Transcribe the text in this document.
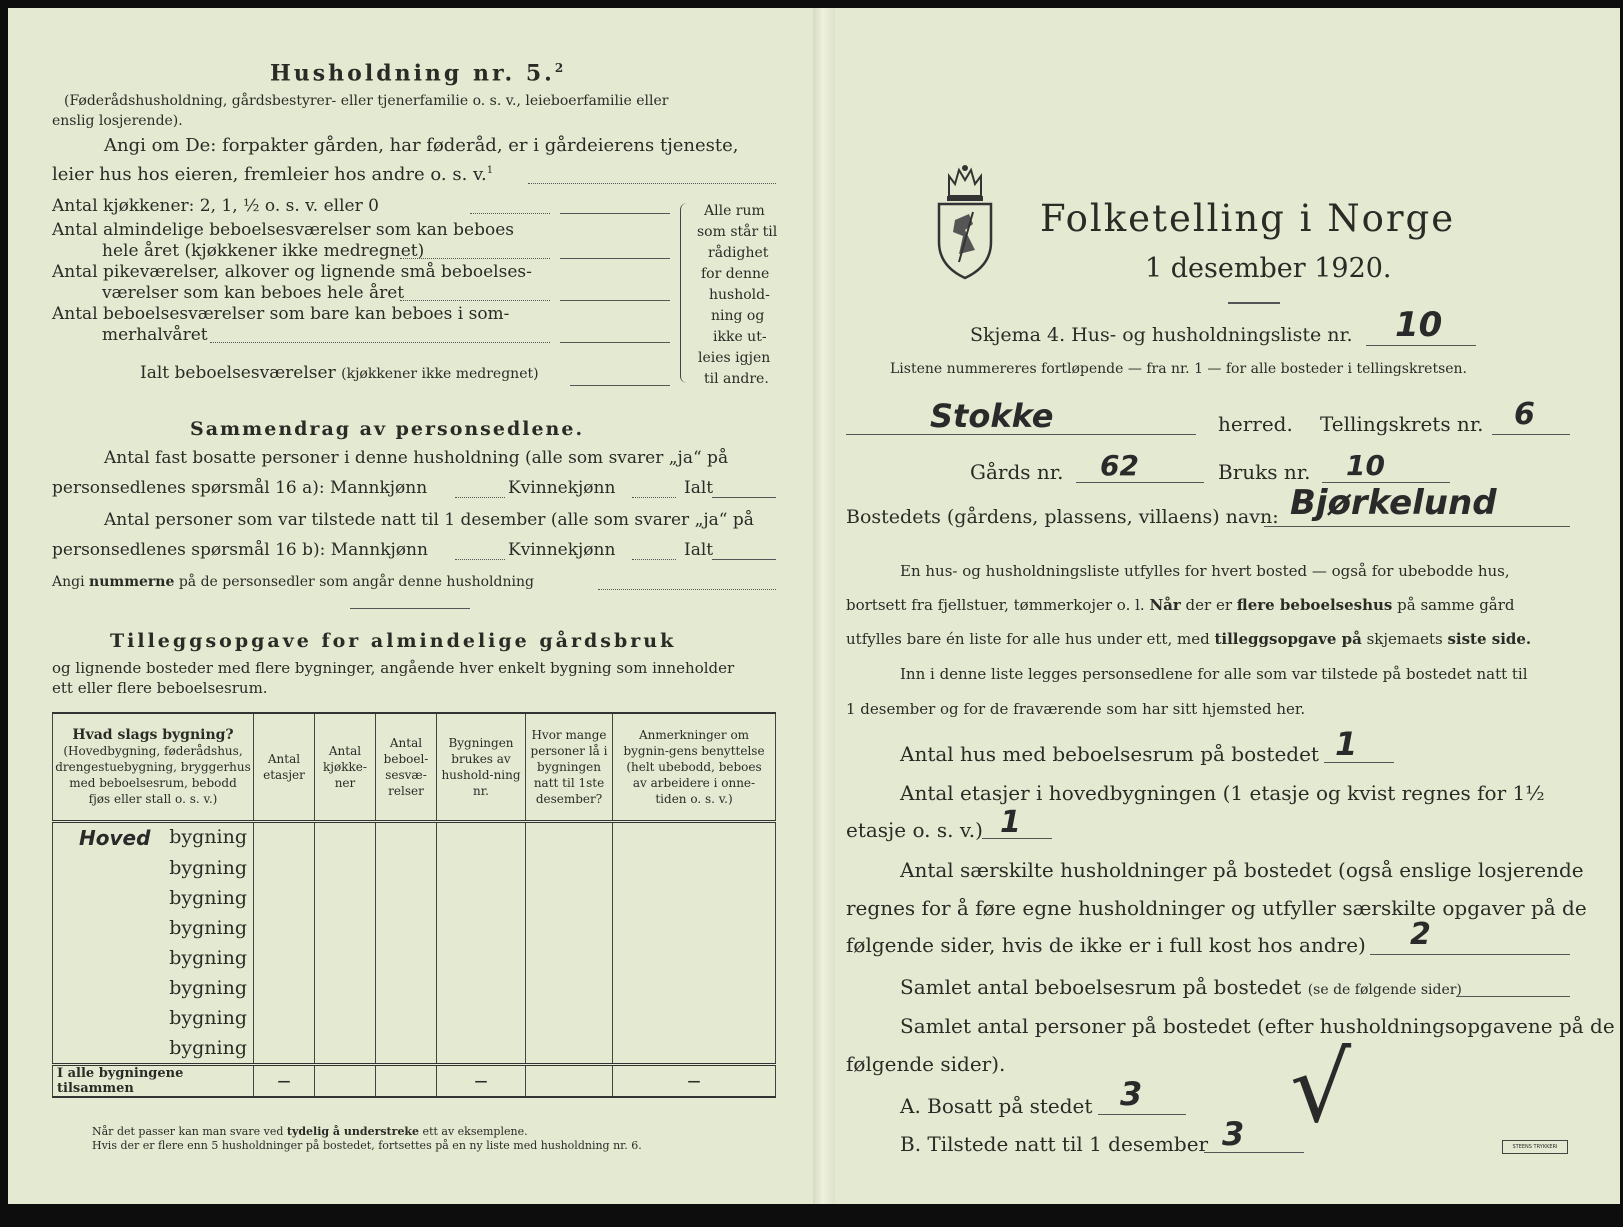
Husholdning nr. 5.$^2$
(Føderådshusholdning, gårdsbestyrer- eller tjenerfamilie o. s. v., leieboerfamilie eller
enslig losjerende).
Angi om De: forpakter gården, har føderåd, er i gårdeierens tjeneste,
leier hus hos eieren, fremleier hos andre o. s. v.$^1$
Antal kjøkkener: 2, 1, ½ o. s. v. eller 0
Antal almindelige beboelsesværelser som kan beboes
hele året (kjøkkener ikke medregnet)
Antal pikeværelser, alkover og lignende små beboelses-
værelser som kan beboes hele året
Antal beboelsesværelser som bare kan beboes i som-
merhalvåret
Ialt beboelsesværelser (kjøkkener ikke medregnet)
Alle rum
som står til
rådighet
for denne
hushold-
ning og
ikke ut-
leies igjen
til andre.
Sammendrag av personsedlene.
Antal fast bosatte personer i denne husholdning (alle som svarer „ja“ på
personsedlenes spørsmål 16 a): Mannkjønn	Kvinnekjønn	Ialt
Antal personer som var tilstede natt til 1 desember (alle som svarer „ja“ på
personsedlenes spørsmål 16 b): Mannkjønn	Kvinnekjønn	Ialt
Angi nummerne på de personsedler som angår denne husholdning
Tilleggsopgave for almindelige gårdsbruk
og lignende bosteder med flere bygninger, angående hver enkelt bygning som inneholder
ett eller flere beboelsesrum.
Hvad slags bygning?
(Hovedbygning, føderådshus,
drengestuebygning, bryggerhus
med beboelsesrum, bebodd
fjøs eller stall o. s. v.)	Antal etasjer	Antal kjøkke-ner	Antal beboel-sesvæ-relser	Bygningen brukes av hushold-ning nr.	Hvor mange personer lå i bygningen natt til 1ste desember?	Anmerkninger om bygnin-gens benyttelse (helt ubebodd, beboes av arbeidere i onne-tiden o. s. v.)

Hoved bygning						
bygning						
bygning						
bygning						
bygning						
bygning						
bygning						
bygning						
I alle bygningene tilsammen	—			—		—
Når det passer kan man svare ved tydelig å understreke ett av eksemplene.
Hvis der er flere enn 5 husholdninger på bostedet, fortsettes på en ny liste med husholdning nr. 6.
Folketelling i Norge
1 desember 1920.
Skjema 4. Hus- og husholdningsliste nr. 10
Listene nummereres fortløpende — fra nr. 1 — for alle bosteder i tellingskretsen.
Stokke	herred. Tellingskrets nr. 6
Gårds nr. 62	Bruks nr. 10
Bostedets (gårdens, plassens, villaens) navn: Bjørkelund
En hus- og husholdningsliste utfylles for hvert bosted — også for ubebodde hus,
bortsett fra fjellstuer, tømmerkojer o. l. Når der er flere beboelseshus på samme gård
utfylles bare én liste for alle hus under ett, med tilleggsopgave på skjemaets siste side.
Inn i denne liste legges personsedlene for alle som var tilstede på bostedet natt til
1 desember og for de fraværende som har sitt hjemsted her.
Antal hus med beboelsesrum på bostedet 1
Antal etasjer i hovedbygningen (1 etasje og kvist regnes for 1½
etasje o. s. v.) 1
Antal særskilte husholdninger på bostedet (også enslige losjerende
regnes for å føre egne husholdninger og utfyller særskilte opgaver på de
følgende sider, hvis de ikke er i full kost hos andre) 2
Samlet antal beboelsesrum på bostedet (se de følgende sider)
Samlet antal personer på bostedet (efter husholdningsopgavene på de
følgende sider).
A. Bosatt på stedet 3
B. Tilstede natt til 1 desember 3 √
STEENS TRYKKERI
